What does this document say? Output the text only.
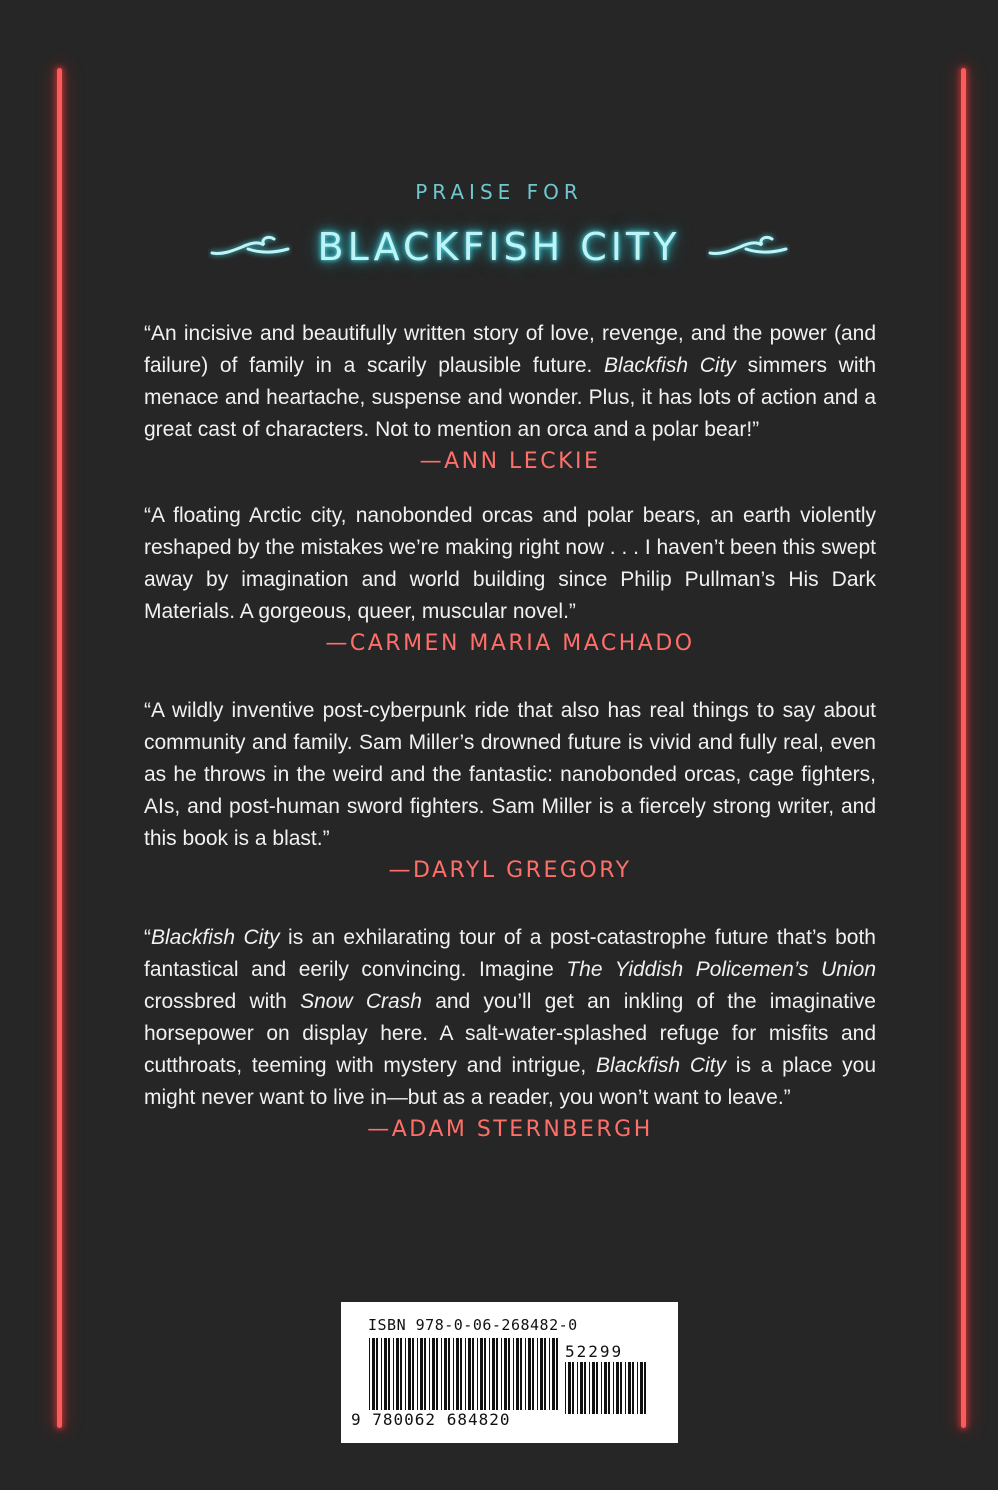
PRAISE FOR
BLACKFISH CITY

“An incisive and beautifully written story of love, revenge, and the power (and failure) of family in a scarily plausible future. Blackfish City simmers with menace and heartache, suspense and wonder. Plus, it has lots of action and a great cast of characters. Not to mention an orca and a polar bear!”

—ANN LECKIE

“A floating Arctic city, nanobonded orcas and polar bears, an earth violently reshaped by the mistakes we’re making right now . . . I haven’t been this swept away by imagination and world building since Philip Pullman’s His Dark Materials. A gorgeous, queer, muscular novel.”

—CARMEN MARIA MACHADO

“A wildly inventive post-cyberpunk ride that also has real things to say about community and family. Sam Miller’s drowned future is vivid and fully real, even as he throws in the weird and the fantastic: nanobonded orcas, cage fighters, AIs, and post-human sword fighters. Sam Miller is a fiercely strong writer, and this book is a blast.”

—DARYL GREGORY

“Blackfish City is an exhilarating tour of a post-catastrophe future that’s both fantastical and eerily convincing. Imagine The Yiddish Policemen’s Union crossbred with Snow Crash and you’ll get an inkling of the imaginative horsepower on display here. A salt-water-splashed refuge for misfits and cutthroats, teeming with mystery and intrigue, Blackfish City is a place you might never want to live in—but as a reader, you won’t want to leave.”

—ADAM STERNBERGH
ISBN 978-0-06-268482-0
52299
9 780062 684820
